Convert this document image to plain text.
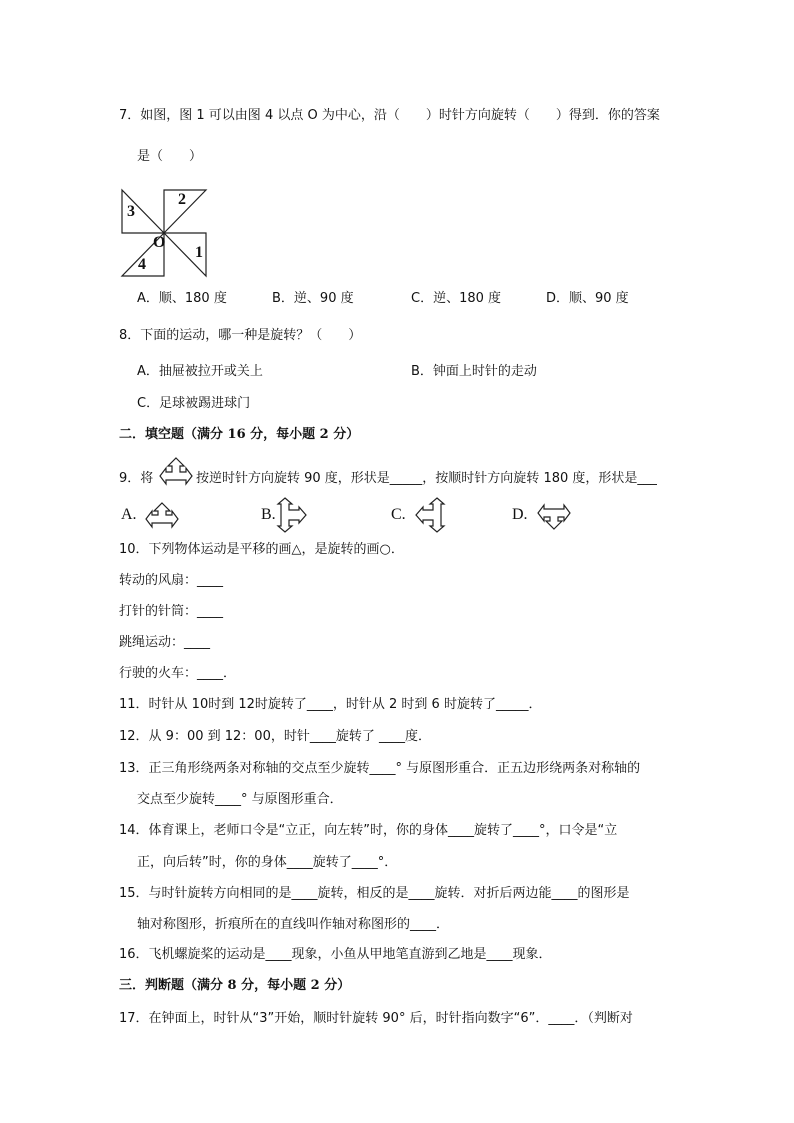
7．如图，图 1 可以由图 4 以点 O 为中心，沿（　　）时针方向旋转（　　）得到．你的答案
是（　　）
3
2
O
4
1
A．顺、180 度	B．逆、90 度	C．逆、180 度	D．顺、90 度
8．下面的运动，哪一种是旋转？（　　）
A．抽屉被拉开或关上	B．钟面上时针的走动
C．足球被踢进球门
二．填空题（满分 16 分，每小题 2 分）
9．将	按逆时针方向旋转 90 度，形状是_____，按顺时针方向旋转 180 度，形状是___
A.	B.	C.	D.
10．下列物体运动是平移的画△，是旋转的画○．
转动的风扇：____
打针的针筒：____
跳绳运动：____
行驶的火车：____．
11．时针从 10时到 12时旋转了____，时针从 2 时到 6 时旋转了_____．
12．从 9：00 到 12：00，时针____旋转了 ____度．
13．正三角形绕两条对称轴的交点至少旋转____° 与原图形重合．正五边形绕两条对称轴的
交点至少旋转____° 与原图形重合．
14．体育课上，老师口令是“立正，向左转”时，你的身体____旋转了____°，口令是“立
正，向后转”时，你的身体____旋转了____°．
15．与时针旋转方向相同的是____旋转，相反的是____旋转．对折后两边能____的图形是
轴对称图形，折痕所在的直线叫作轴对称图形的____．
16．飞机螺旋桨的运动是____现象，小鱼从甲地笔直游到乙地是____现象．
三．判断题（满分 8 分，每小题 2 分）
17．在钟面上，时针从“3”开始，顺时针旋转 90° 后，时针指向数字“6”．____．（判断对
